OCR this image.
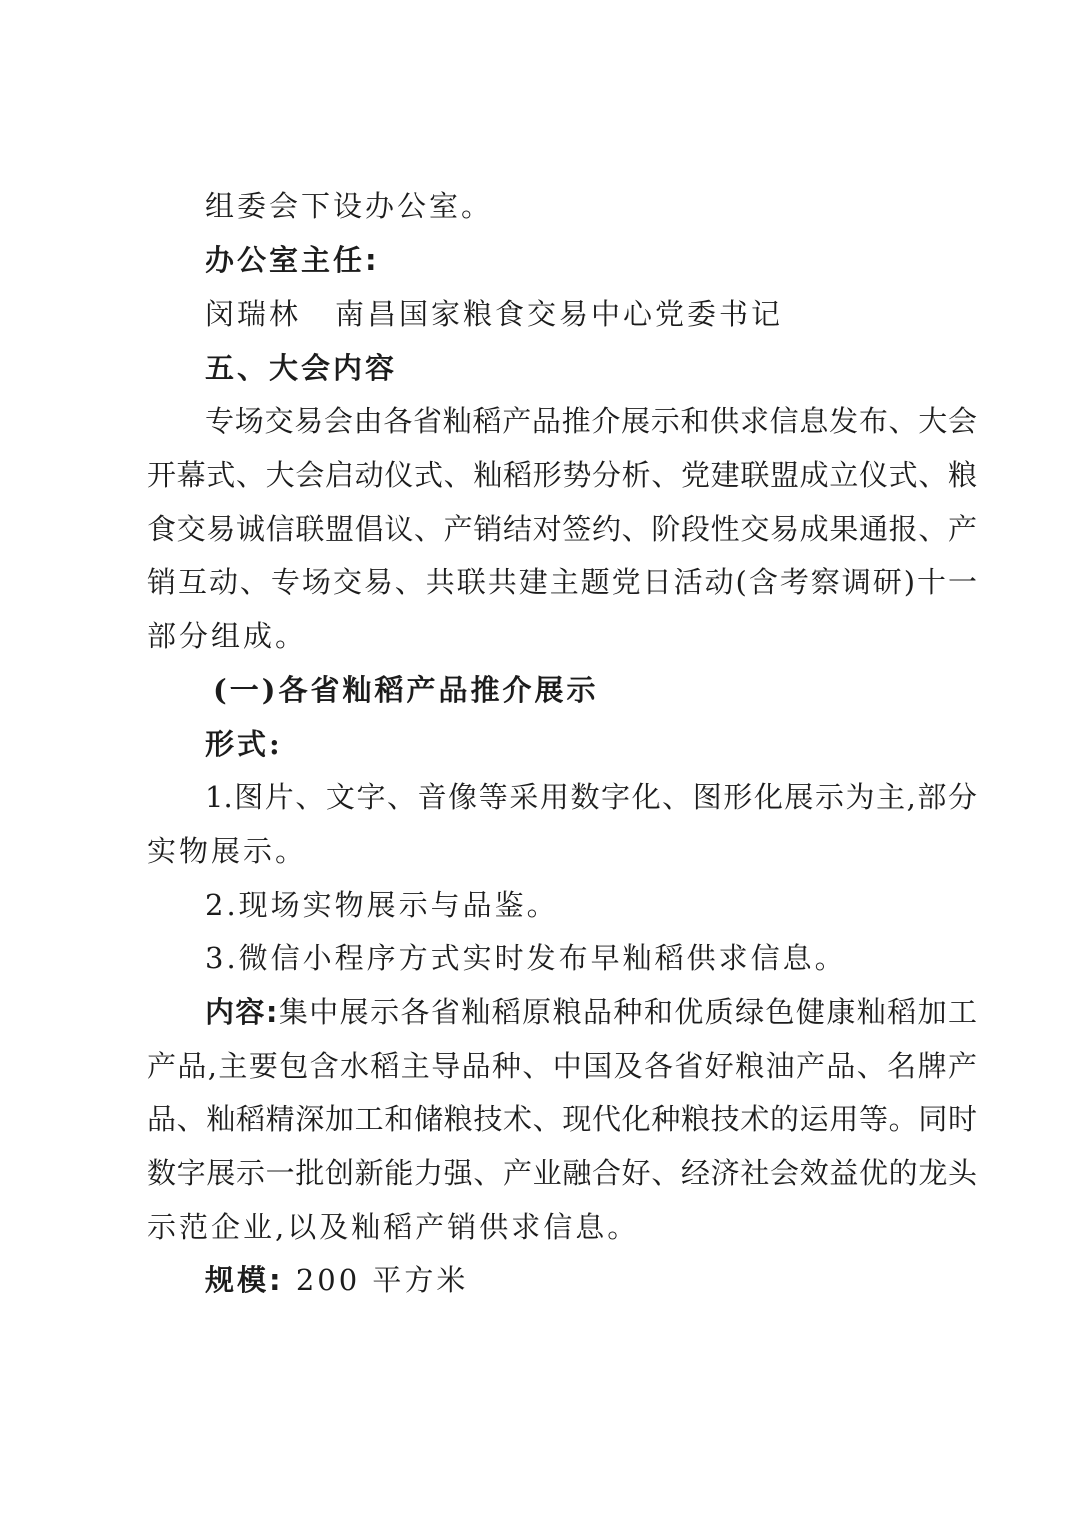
组委会下设办公室。
办公室主任:
闵瑞林 南昌国家粮食交易中心党委书记
五、大会内容
专场交易会由各省籼稻产品推介展示和供求信息发布、大会
开幕式、大会启动仪式、籼稻形势分析、党建联盟成立仪式、粮
食交易诚信联盟倡议、产销结对签约、阶段性交易成果通报、产
销互动、专场交易、共联共建主题党日活动(含考察调研)十一
部分组成。
(一)各省籼稻产品推介展示
形式:
1.图片、文字、音像等采用数字化、图形化展示为主,部分
实物展示。
2.现场实物展示与品鉴。
3.微信小程序方式实时发布早籼稻供求信息。
内容:集中展示各省籼稻原粮品种和优质绿色健康籼稻加工
产品,主要包含水稻主导品种、中国及各省好粮油产品、名牌产
品、籼稻精深加工和储粮技术、现代化种粮技术的运用等。同时
数字展示一批创新能力强、产业融合好、经济社会效益优的龙头
示范企业,以及籼稻产销供求信息。
规模: 200 平方米
